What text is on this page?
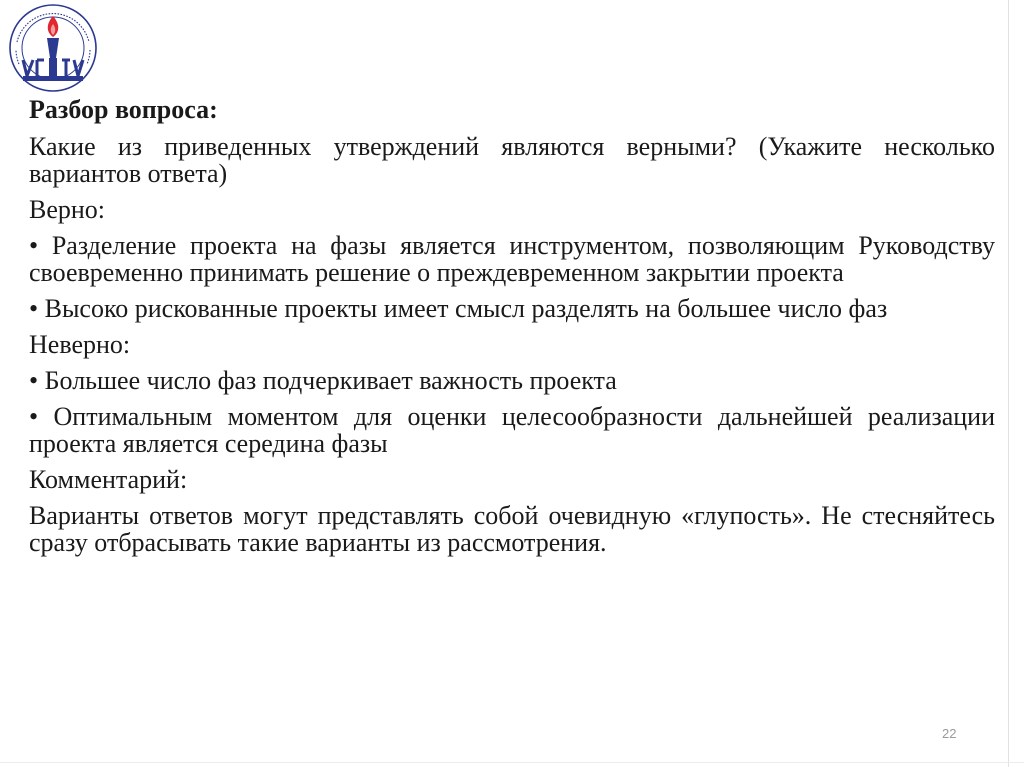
Разбор вопроса:

Какие из приведенных утверждений являются верными? (Укажите несколько вариантов ответа)

Верно:

• Разделение проекта на фазы является инструментом, позволяющим Руководству своевременно принимать решение о преждевременном закрытии проекта

• Высоко рискованные проекты имеет смысл разделять на большее число фаз

Неверно:

• Большее число фаз подчеркивает важность проекта

• Оптимальным моментом для оценки целесообразности дальнейшей реализации проекта является середина фазы

Комментарий:

Варианты ответов могут представлять собой очевидную «глупость». Не стесняйтесь сразу отбрасывать такие варианты из рассмотрения.

22
